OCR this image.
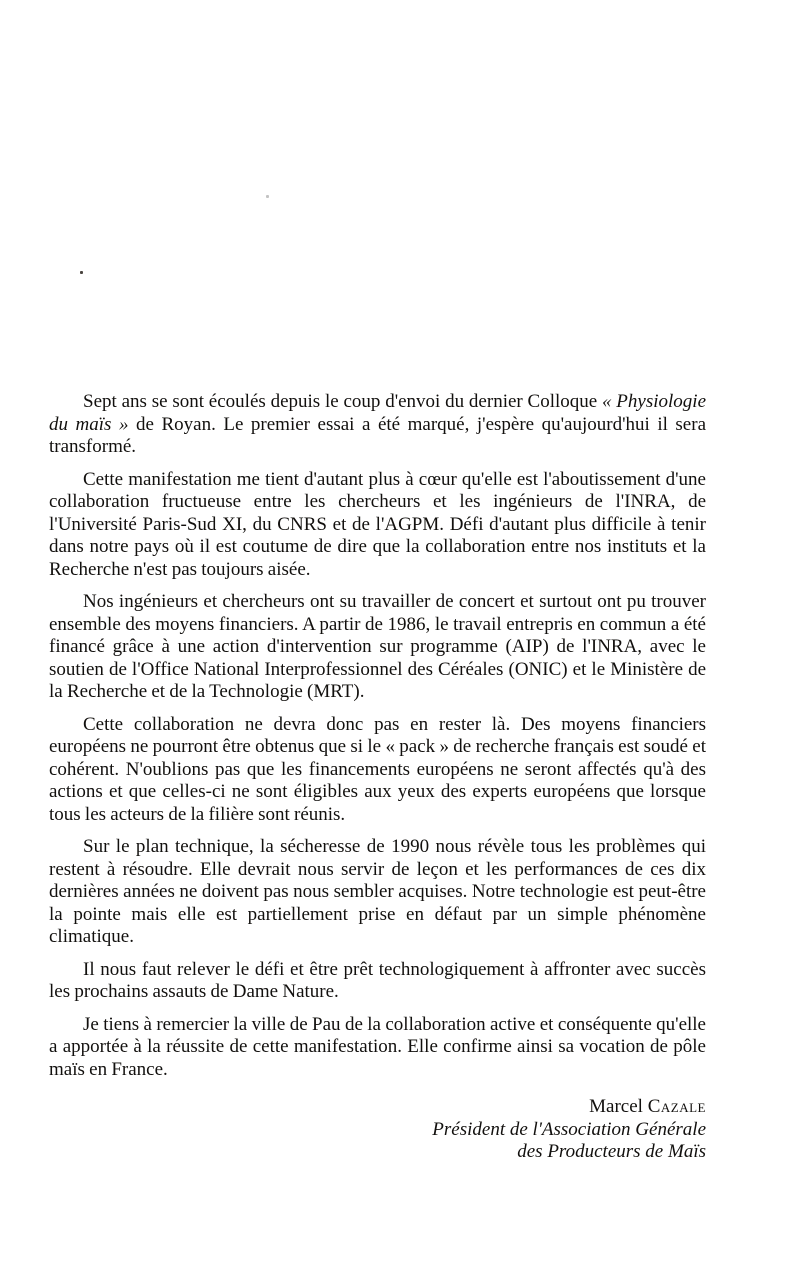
Sept ans se sont écoulés depuis le coup d'envoi du dernier Colloque « Physiologie du maïs » de Royan. Le premier essai a été marqué, j'espère qu'aujourd'hui il sera transformé.

Cette manifestation me tient d'autant plus à cœur qu'elle est l'aboutissement d'une collaboration fructueuse entre les chercheurs et les ingénieurs de l'INRA, de l'Université Paris-Sud XI, du CNRS et de l'AGPM. Défi d'autant plus difficile à tenir dans notre pays où il est coutume de dire que la collaboration entre nos instituts et la Recherche n'est pas toujours aisée.

Nos ingénieurs et chercheurs ont su travailler de concert et surtout ont pu trouver ensemble des moyens financiers. A partir de 1986, le travail entrepris en commun a été financé grâce à une action d'intervention sur programme (AIP) de l'INRA, avec le soutien de l'Office National Interprofessionnel des Céréales (ONIC) et le Ministère de la Recherche et de la Technologie (MRT).

Cette collaboration ne devra donc pas en rester là. Des moyens financiers européens ne pourront être obtenus que si le « pack » de recherche français est soudé et cohérent. N'oublions pas que les financements européens ne seront affectés qu'à des actions et que celles-ci ne sont éligibles aux yeux des experts européens que lorsque tous les acteurs de la filière sont réunis.

Sur le plan technique, la sécheresse de 1990 nous révèle tous les problèmes qui restent à résoudre. Elle devrait nous servir de leçon et les performances de ces dix dernières années ne doivent pas nous sembler acquises. Notre technologie est peut-être la pointe mais elle est partiellement prise en défaut par un simple phénomène climatique.

Il nous faut relever le défi et être prêt technologiquement à affronter avec succès les prochains assauts de Dame Nature.

Je tiens à remercier la ville de Pau de la collaboration active et conséquente qu'elle a apportée à la réussite de cette manifestation. Elle confirme ainsi sa vocation de pôle maïs en France.

Marcel Cazale
Président de l'Association Générale
des Producteurs de Maïs
